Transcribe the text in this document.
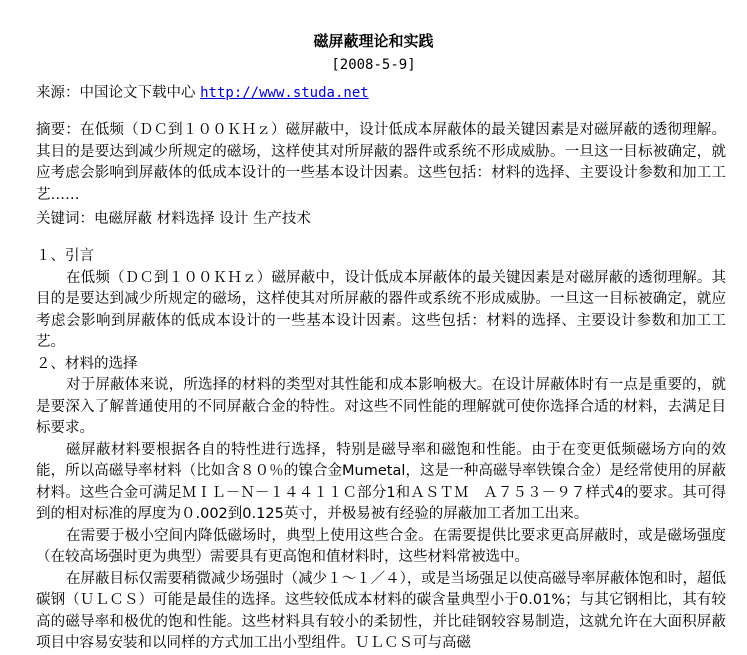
磁屏蔽理论和实践
[2008-5-9]
来源：中国论文下载中心 http://www.studa.net

摘要：在低频（ＤＣ到１００ＫＨｚ）磁屏蔽中，设计低成本屏蔽体的最关键因素是对磁屏蔽的透彻理解。其目的是要达到减少所规定的磁场，这样使其对所屏蔽的器件或系统不形成威胁。一旦这一目标被确定，就应考虑会影响到屏蔽体的低成本设计的一些基本设计因素。这些包括：材料的选择、主要设计参数和加工工艺……

关键词：电磁屏蔽 材料选择 设计 生产技术

１、引言

在低频（ＤＣ到１００ＫＨｚ）磁屏蔽中，设计低成本屏蔽体的最关键因素是对磁屏蔽的透彻理解。其目的是要达到减少所规定的磁场，这样使其对所屏蔽的器件或系统不形成威胁。一旦这一目标被确定，就应考虑会影响到屏蔽体的低成本设计的一些基本设计因素。这些包括：材料的选择、主要设计参数和加工工艺。

２、材料的选择

对于屏蔽体来说，所选择的材料的类型对其性能和成本影响极大。在设计屏蔽体时有一点是重要的，就是要深入了解普通使用的不同屏蔽合金的特性。对这些不同性能的理解就可使你选择合适的材料，去满足目标要求。

磁屏蔽材料要根据各自的特性进行选择，特别是磁导率和磁饱和性能。由于在变更低频磁场方向的效能，所以高磁导率材料（比如含８０％的镍合金Mumetal，这是一种高磁导率铁镍合金）是经常使用的屏蔽材料。这些合金可满足ＭＩＬ－Ｎ－１４４１１Ｃ部分1和ＡＳＴＭ　Ａ７５３－９７样式4的要求。其可得到的相对标准的厚度为０.002到0.125英寸，并极易被有经验的屏蔽加工者加工出来。

在需要于极小空间内降低磁场时，典型上使用这些合金。在需要提供比要求更高屏蔽时，或是磁场强度（在较高场强时更为典型）需要具有更高饱和值材料时，这些材料常被选中。

在屏蔽目标仅需要稍微减少场强时（减少１～１／４），或是当场强足以使高磁导率屏蔽体饱和时，超低碳钢（ＵＬＣＳ）可能是最佳的选择。这些较低成本材料的碳含量典型小于0.01%；与其它钢相比，其有较高的磁导率和极优的饱和性能。这些材料具有较小的柔韧性，并比硅钢较容易制造，这就允许在大面积屏蔽项目中容易安装和以同样的方式加工出小型组件。ＵＬＣＳ可与高磁
